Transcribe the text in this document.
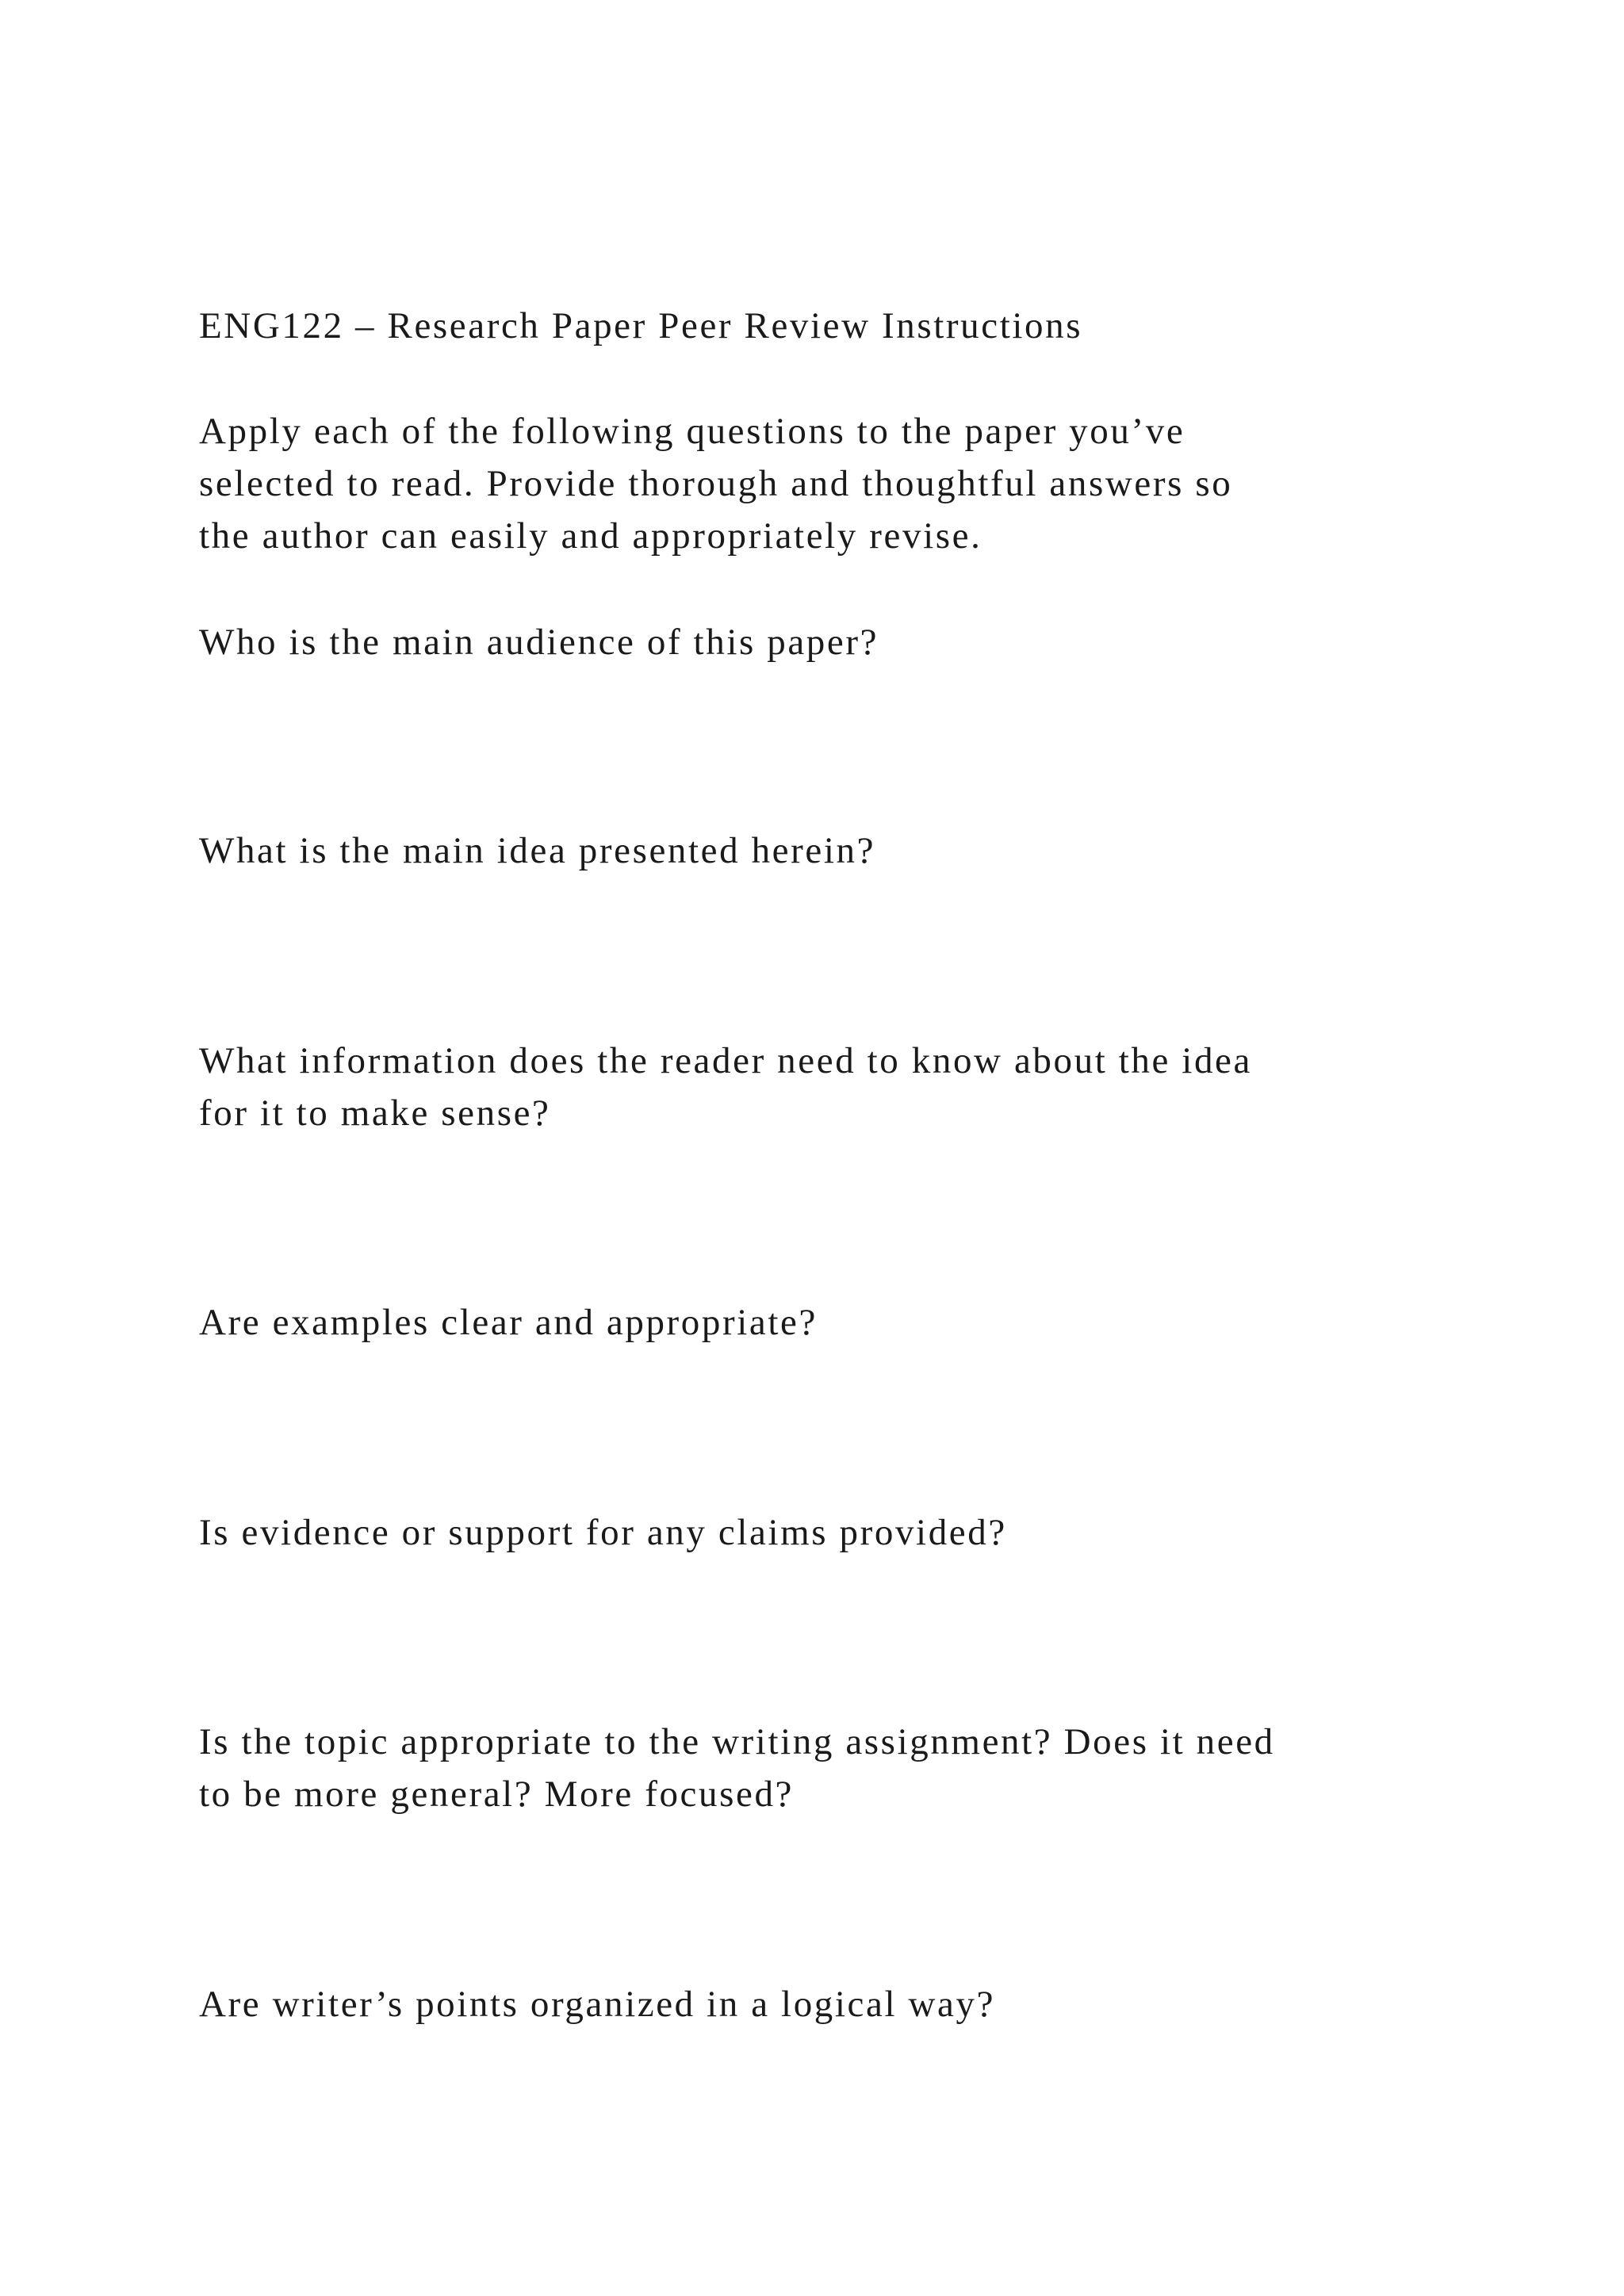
ENG122 – Research Paper Peer Review Instructions

Apply each of the following questions to the paper you’ve

selected to read. Provide thorough and thoughtful answers so

the author can easily and appropriately revise.

Who is the main audience of this paper?

What is the main idea presented herein?

What information does the reader need to know about the idea

for it to make sense?

Are examples clear and appropriate?

Is evidence or support for any claims provided?

Is the topic appropriate to the writing assignment? Does it need

to be more general? More focused?

Are writer’s points organized in a logical way?
